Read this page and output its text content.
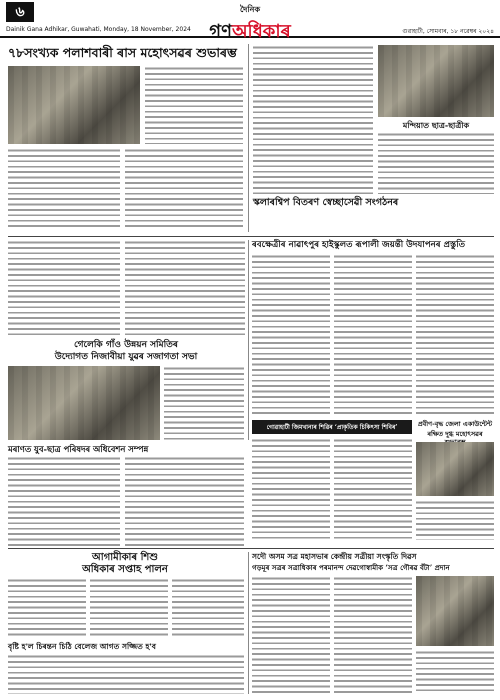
৬
Dainik Gana Adhikar, Guwahati, Monday, 18 November, 2024
দৈনিক
গণঅধিকাৰ	গুৱাহাটী, সোমবাৰ, ১৮ নৱেম্বৰ ২০২৪
৭৮সংখ্যক পলাশবাৰী ৰাস মহোৎসৱৰ শুভাৰম্ভ
মন্দিয়াত ছাত্ৰ-ছাত্ৰীক
স্কলাৰশ্বিপ বিতৰণ স্বেচ্ছাসেৱী সংগঠনৰ
গেলেকি গাঁও উন্নয়ন সমিতিৰ
উদ্যোগত নিজাবীয়া যুৱৰ সজাগতা সভা
ৰবক্ষেত্ৰীৰ নাৱাৎপুৰ হাইস্কুলত ৰূপালী জয়ন্তী উদযাপনৰ প্ৰস্তুতি
গোৱাহাটী জিমখানাৰ শিৱিৰ ‘প্ৰাকৃতিক চিকিৎসা শিবিৰ’	প্ৰবীণ-বৃদ্ধ জেলা একাউন্টেন্ট
ৰক্ষিত দুগ্ধ মহোৎসৱৰ
মৰাণত যুব-ছাত্ৰ পৰিষদৰ অধিবেশন সম্পন্ন
আগামীকাৰ শিশু
অধিকাৰ সপ্তাহ পালন
বৃষ্টি হ'ল চিৰন্তন চিঠি বেলেজ আগত সজ্জিত হ'ব
সদৌ অসম সত্ৰ মহাসভাৰ কেন্দ্ৰীয় সত্ৰীয়া সংস্কৃতি দিৱস
গড়মূৰ সত্ৰৰ সত্ৰাধিকাৰ পৰমানন্দ দেৱগোস্বামীক ‘সত্ৰ গৌৰৱ বঁটা’ প্ৰদান
